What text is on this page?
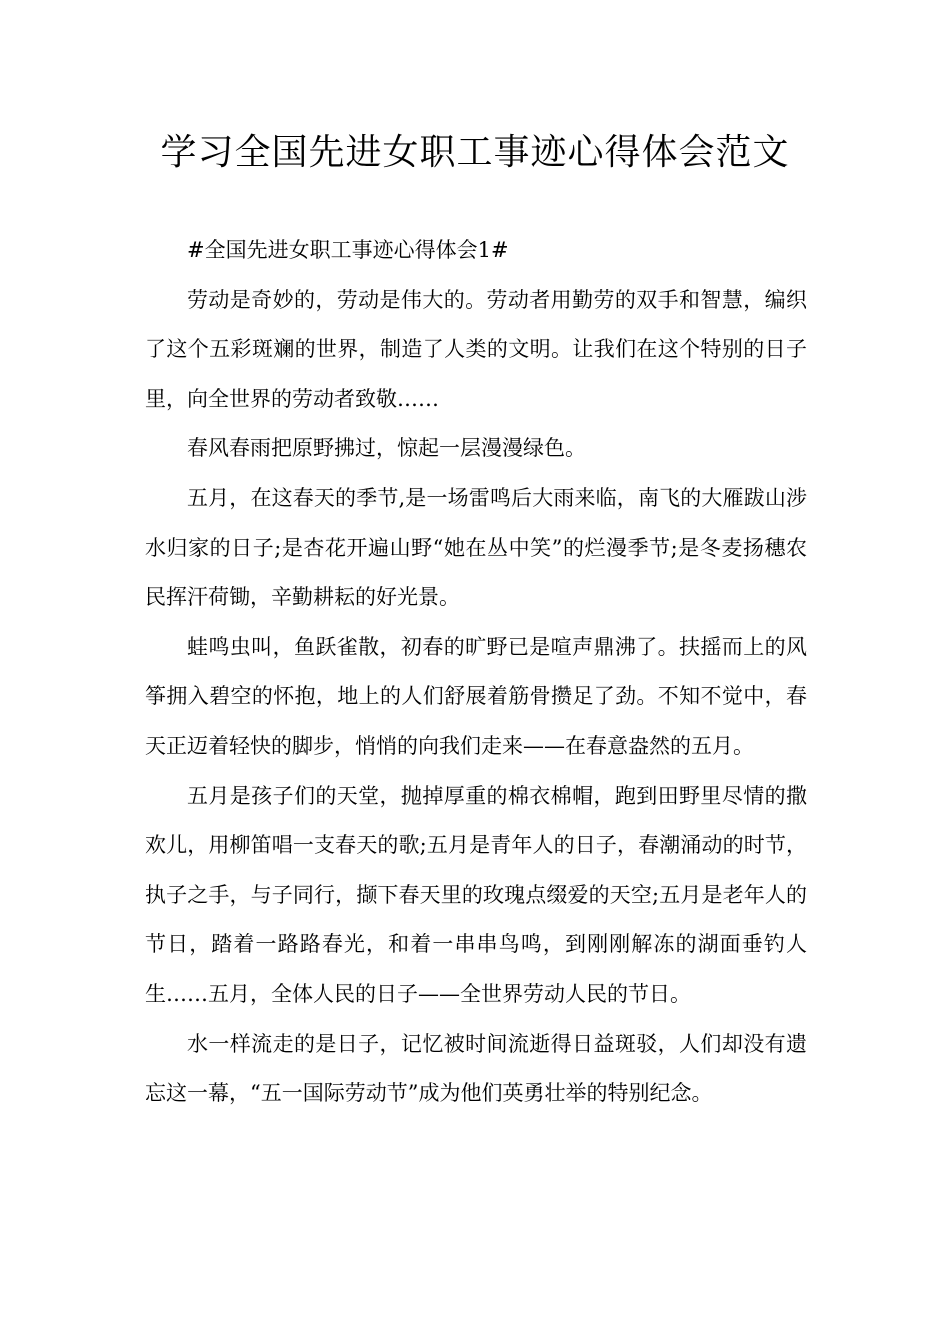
学习全国先进女职工事迹心得体会范文

#全国先进女职工事迹心得体会1#

劳动是奇妙的，劳动是伟大的。劳动者用勤劳的双手和智慧，编织了这个五彩斑斓的世界，制造了人类的文明。让我们在这个特别的日子里，向全世界的劳动者致敬……

春风春雨把原野拂过，惊起一层漫漫绿色。

五月，在这春天的季节,是一场雷鸣后大雨来临，南飞的大雁跋山涉水归家的日子;是杏花开遍山野“她在丛中笑”的烂漫季节;是冬麦扬穗农民挥汗荷锄，辛勤耕耘的好光景。

蛙鸣虫叫，鱼跃雀散，初春的旷野已是喧声鼎沸了。扶摇而上的风筝拥入碧空的怀抱，地上的人们舒展着筋骨攒足了劲。不知不觉中，春天正迈着轻快的脚步，悄悄的向我们走来——在春意盎然的五月。

五月是孩子们的天堂，抛掉厚重的棉衣棉帽，跑到田野里尽情的撒欢儿，用柳笛唱一支春天的歌;五月是青年人的日子，春潮涌动的时节，执子之手，与子同行，撷下春天里的玫瑰点缀爱的天空;五月是老年人的节日，踏着一路路春光，和着一串串鸟鸣，到刚刚解冻的湖面垂钓人生……五月，全体人民的日子——全世界劳动人民的节日。

水一样流走的是日子，记忆被时间流逝得日益斑驳，人们却没有遗忘这一幕，“五一国际劳动节”成为他们英勇壮举的特别纪念。
